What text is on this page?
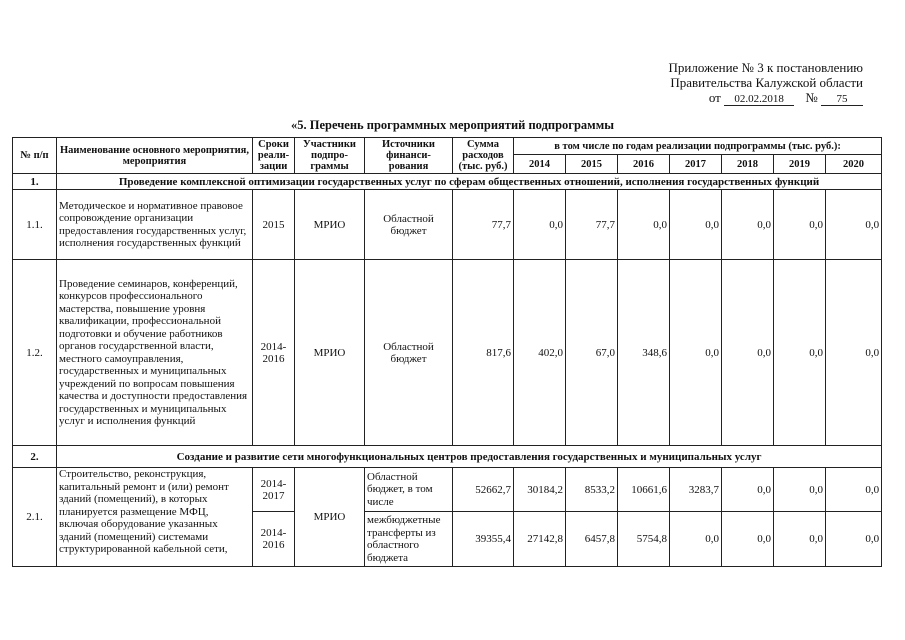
Приложение № 3 к постановлению
Правительства Калужской области
от 02.02.2018 № 75
«5. Перечень программных мероприятий подпрограммы
№ п/п	Наименование основного мероприятия, мероприятия	Сроки реали-зации	Участники подпро-граммы	Источники финанси-рования	Сумма расходов (тыс. руб.)	в том числе по годам реализации подпрограммы (тыс. руб.):						
						2014	2015	2016	2017	2018	2019	2020
1.	Проведение комплексной оптимизации государственных услуг по сферам общественных отношений, исполнения государственных функций											
1.1.	Методическое и нормативное правовое сопровождение организации предоставления государственных услуг, исполнения государственных функций	2015	МРИО	Областной бюджет	77,7	0,0	77,7	0,0	0,0	0,0	0,0	0,0
1.2.	Проведение семинаров, конференций, конкурсов профессионального мастерства, повышение уровня квалификации, профессиональной подготовки и обучение работников органов государственной власти, местного самоуправления, государственных и муниципальных учреждений по вопросам повышения качества и доступности предоставления государственных и муниципальных услуг и исполнения функций	2014-2016	МРИО	Областной бюджет	817,6	402,0	67,0	348,6	0,0	0,0	0,0	0,0
2.	Создание и развитие сети многофункциональных центров предоставления государственных и муниципальных услуг											
2.1.	Строительство, реконструкция, капитальный ремонт и (или) ремонт зданий (помещений), в которых планируется размещение МФЦ, включая оборудование указанных зданий (помещений) системами структурированной кабельной сети,	2014-2017	МРИО	Областной бюджет, в том числе	52662,7	30184,2	8533,2	10661,6	3283,7	0,0	0,0	0,0
		2014-2016		межбюджетные трансферты из областного бюджета	39355,4	27142,8	6457,8	5754,8	0,0	0,0	0,0	0,0
